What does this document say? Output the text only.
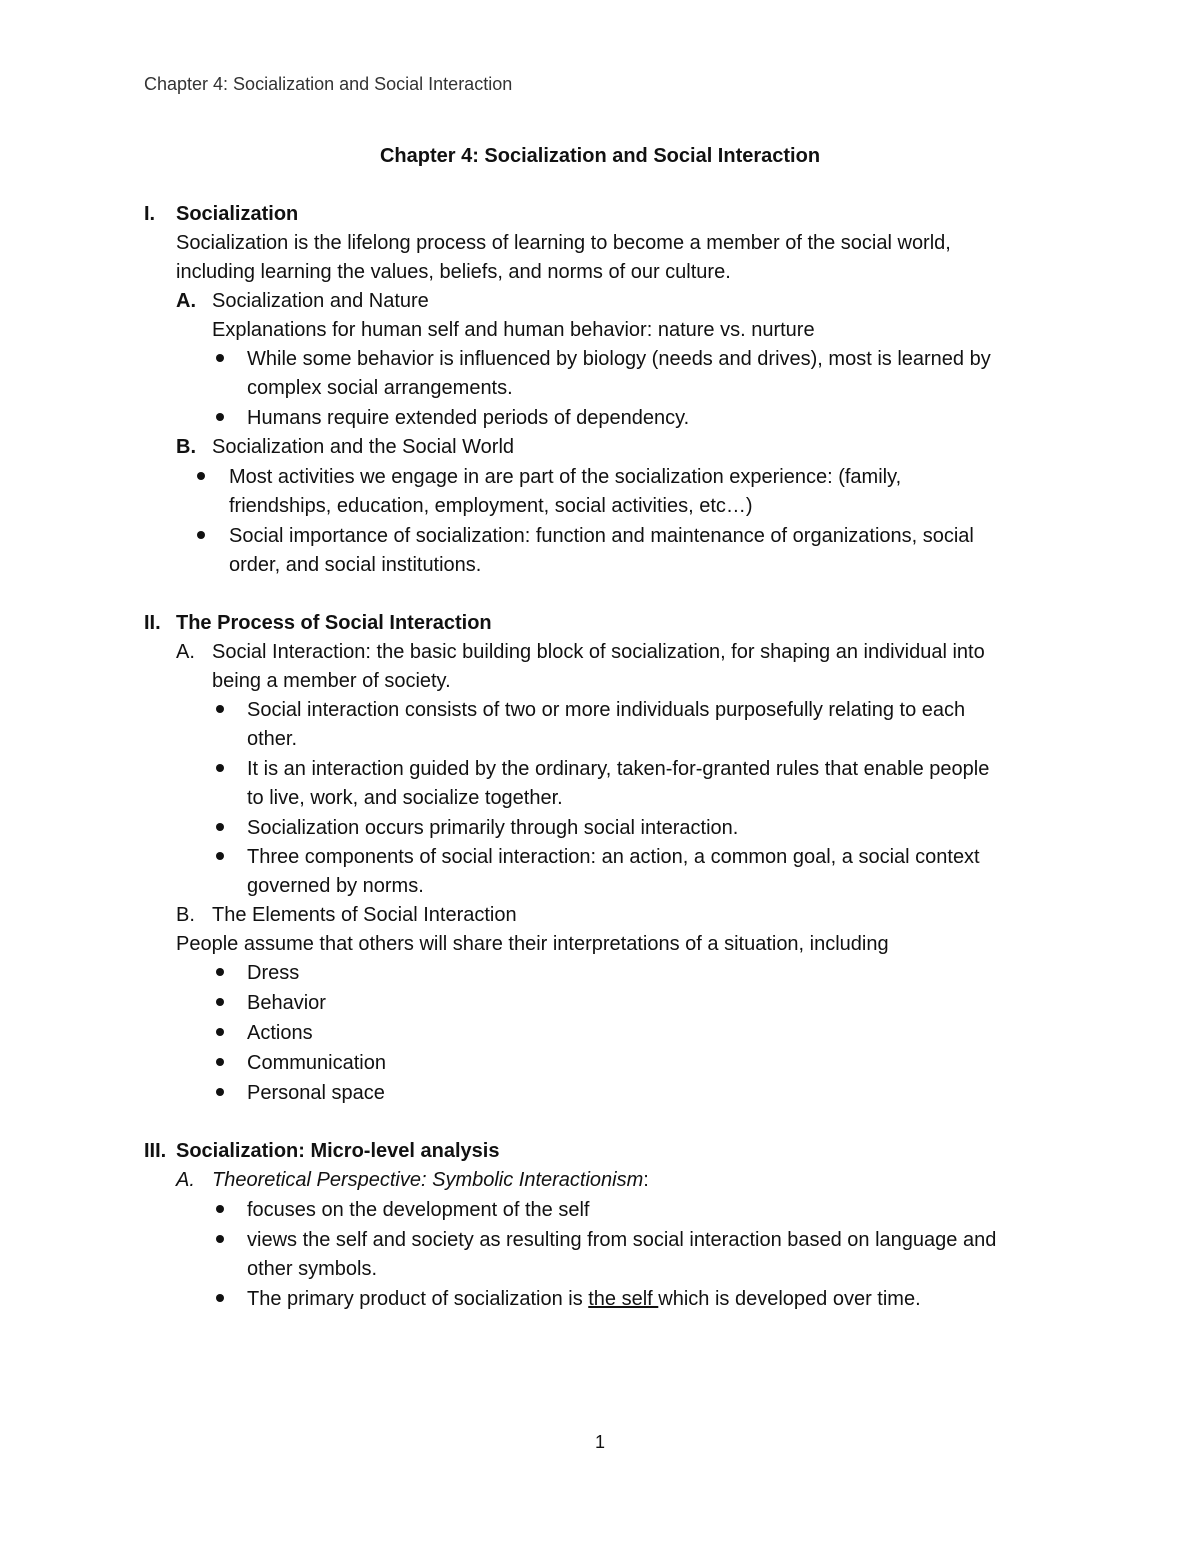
Chapter 4: Socialization and Social Interaction
Chapter 4: Socialization and Social Interaction
I. Socialization
Socialization is the lifelong process of learning to become a member of the social world,
including learning the values, beliefs, and norms of our culture.
A. Socialization and Nature
Explanations for human self and human behavior: nature vs. nurture
While some behavior is influenced by biology (needs and drives), most is learned by
complex social arrangements.
Humans require extended periods of dependency.
B. Socialization and the Social World
Most activities we engage in are part of the socialization experience: (family,
friendships, education, employment, social activities, etc…)
Social importance of socialization: function and maintenance of organizations, social
order, and social institutions.
II. The Process of Social Interaction
A. Social Interaction: the basic building block of socialization, for shaping an individual into
being a member of society.
Social interaction consists of two or more individuals purposefully relating to each
other.
It is an interaction guided by the ordinary, taken-for-granted rules that enable people
to live, work, and socialize together.
Socialization occurs primarily through social interaction.
Three components of social interaction: an action, a common goal, a social context
governed by norms.
B. The Elements of Social Interaction
People assume that others will share their interpretations of a situation, including
Dress
Behavior
Actions
Communication
Personal space
III. Socialization: Micro-level analysis
A. Theoretical Perspective: Symbolic Interactionism:
focuses on the development of the self
views the self and society as resulting from social interaction based on language and
other symbols.
The primary product of socialization is the self which is developed over time.
1
